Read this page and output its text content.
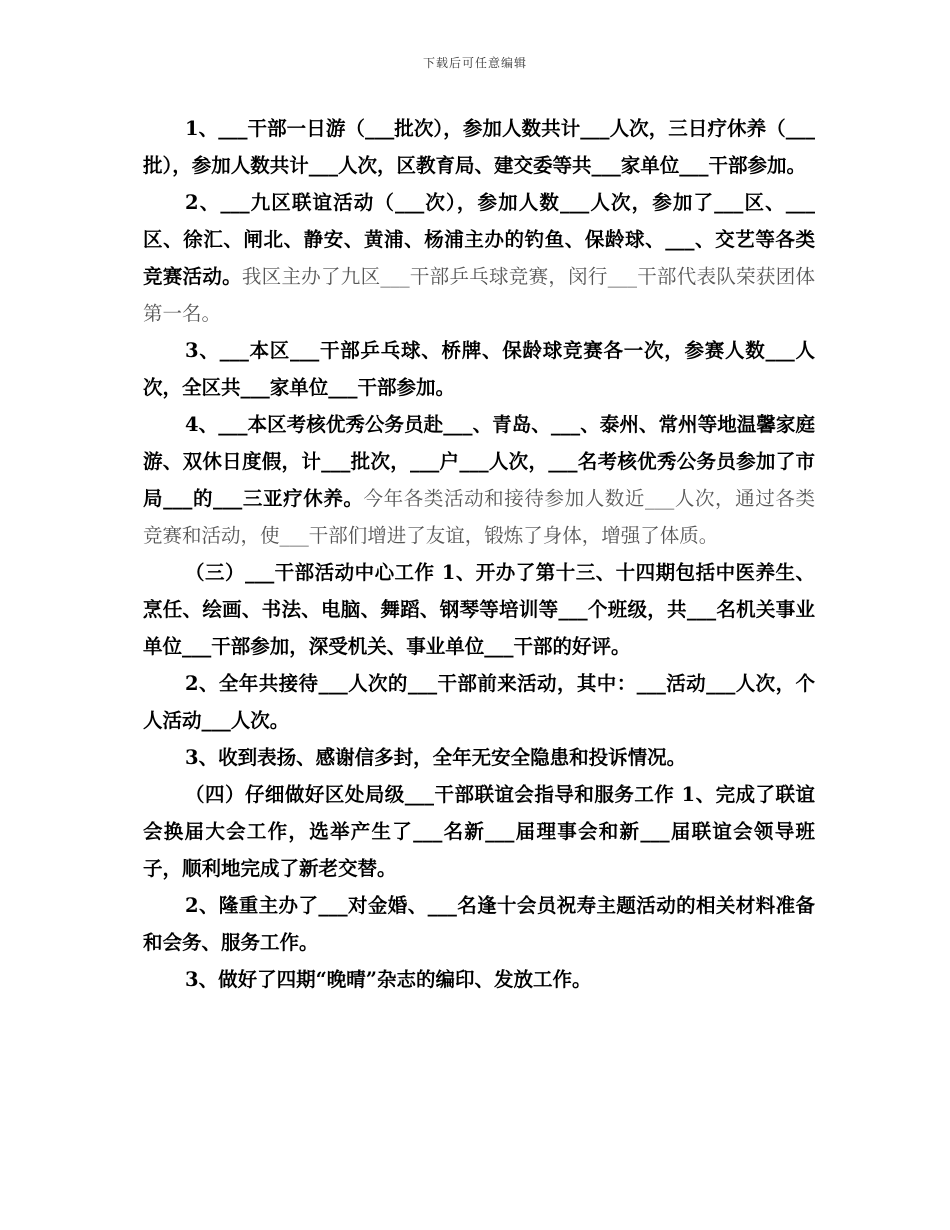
下载后可任意编辑

1、___干部一日游（___批次），参加人数共计___人次，三日疗休养（___批），参加人数共计___人次，区教育局、建交委等共___家单位___干部参加。

2、___九区联谊活动（___次），参加人数___人次，参加了___区、___区、徐汇、闸北、静安、黄浦、杨浦主办的钓鱼、保龄球、___、交艺等各类竞赛活动。我区主办了九区___干部乒乓球竞赛，闵行___干部代表队荣获团体第一名。

3、___本区___干部乒乓球、桥牌、保龄球竞赛各一次，参赛人数___人次，全区共___家单位___干部参加。

4、___本区考核优秀公务员赴___、青岛、___、泰州、常州等地温馨家庭游、双休日度假，计___批次，___户___人次，___名考核优秀公务员参加了市局___的___三亚疗休养。今年各类活动和接待参加人数近___人次，通过各类竞赛和活动，使___干部们增进了友谊，锻炼了身体，增强了体质。

（三）___干部活动中心工作 1、开办了第十三、十四期包括中医养生、烹任、绘画、书法、电脑、舞蹈、钢琴等培训等___个班级，共___名机关事业单位___干部参加，深受机关、事业单位___干部的好评。

2、全年共接待___人次的___干部前来活动，其中：___活动___人次，个人活动___人次。

3、收到表扬、感谢信多封，全年无安全隐患和投诉情况。

（四）仔细做好区处局级___干部联谊会指导和服务工作 1、完成了联谊会换届大会工作，选举产生了___名新___届理事会和新___届联谊会领导班子，顺利地完成了新老交替。

2、隆重主办了___对金婚、___名逢十会员祝寿主题活动的相关材料准备和会务、服务工作。

3、做好了四期“晚晴”杂志的编印、发放工作。
